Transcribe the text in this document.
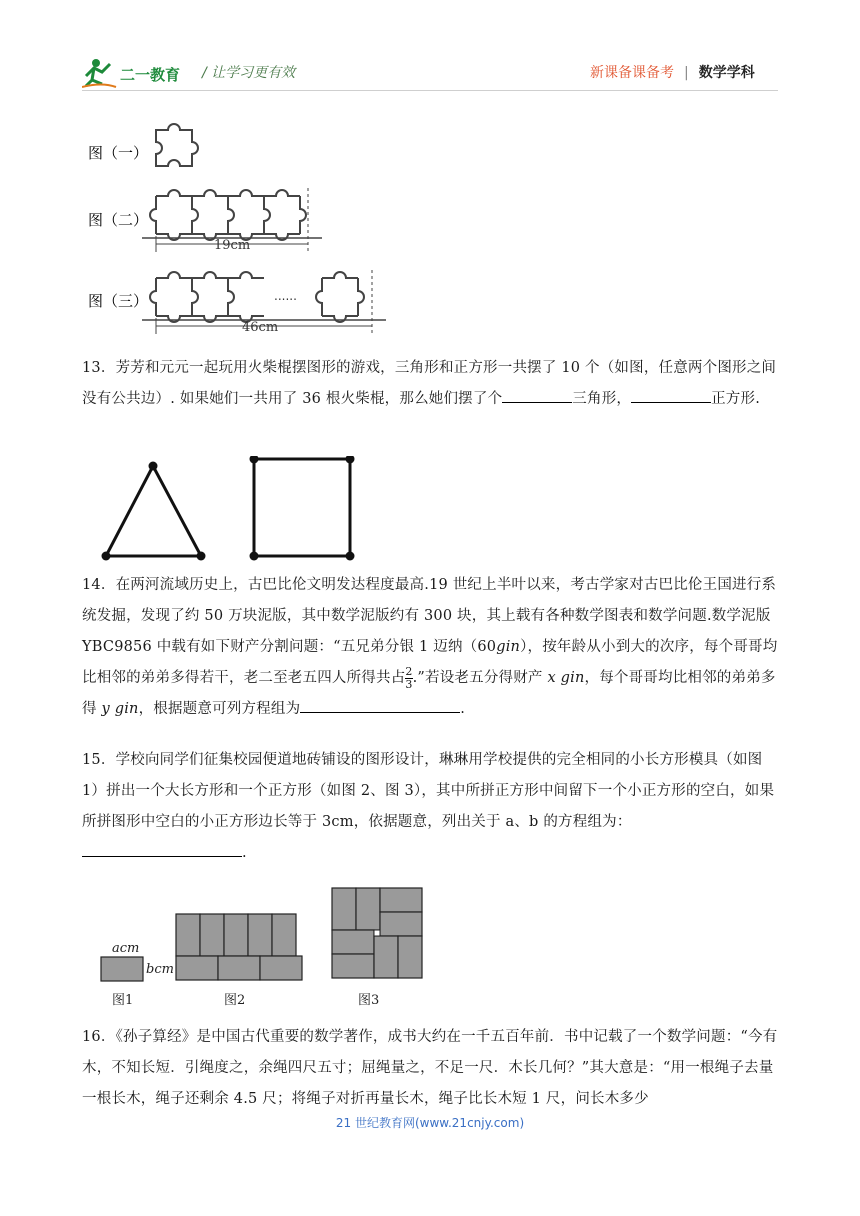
二一教育 / 让学习更有效	新课备课备考 | 数学学科
图（一）
图（二）
图（三）
19cm
......
46cm
13．芳芳和元元一起玩用火柴棍摆图形的游戏，三角形和正方形一共摆了 10 个（如图，任意两个图形之间没有公共边）. 如果她们一共用了 36 根火柴棍，那么她们摆了个	三角形，	正方形.
14．在两河流域历史上，古巴比伦文明发达程度最高.19 世纪上半叶以来，考古学家对古巴比伦王国进行系统发掘，发现了约 50 万块泥版，其中数学泥版约有 300 块，其上载有各种数学图表和数学问题.数学泥版 YBC9856 中载有如下财产分割问题：“五兄弟分银 1 迈纳（60gin），按年龄从小到大的次序，每个哥哥均比相邻的弟弟多得若干，老二至老五四人所得共占 $\frac{2}{3}$ .”若设老五分得财产 x gin，每个哥哥均比相邻的弟弟多得 y gin，根据题意可列方程组为	.
15．学校向同学们征集校园便道地砖铺设的图形设计，琳琳用学校提供的完全相同的小长方形模具（如图 1）拼出一个大长方形和一个正方形（如图 2、图 3），其中所拼正方形中间留下一个小正方形的空白，如果所拼图形中空白的小正方形边长等于 3cm，依据题意，列出关于 a、b 的方程组为：.
acm
bcm
图1	图2	图3
16．《孙子算经》是中国古代重要的数学著作，成书大约在一千五百年前．书中记载了一个数学问题：“今有木，不知长短．引绳度之，余绳四尺五寸；屈绳量之，不足一尺．木长几何？”其大意是：“用一根绳子去量一根长木，绳子还剩余 4.5 尺；将绳子对折再量长木，绳子比长木短 1 尺，问长木多少
21 世纪教育网(www.21cnjy.com)
